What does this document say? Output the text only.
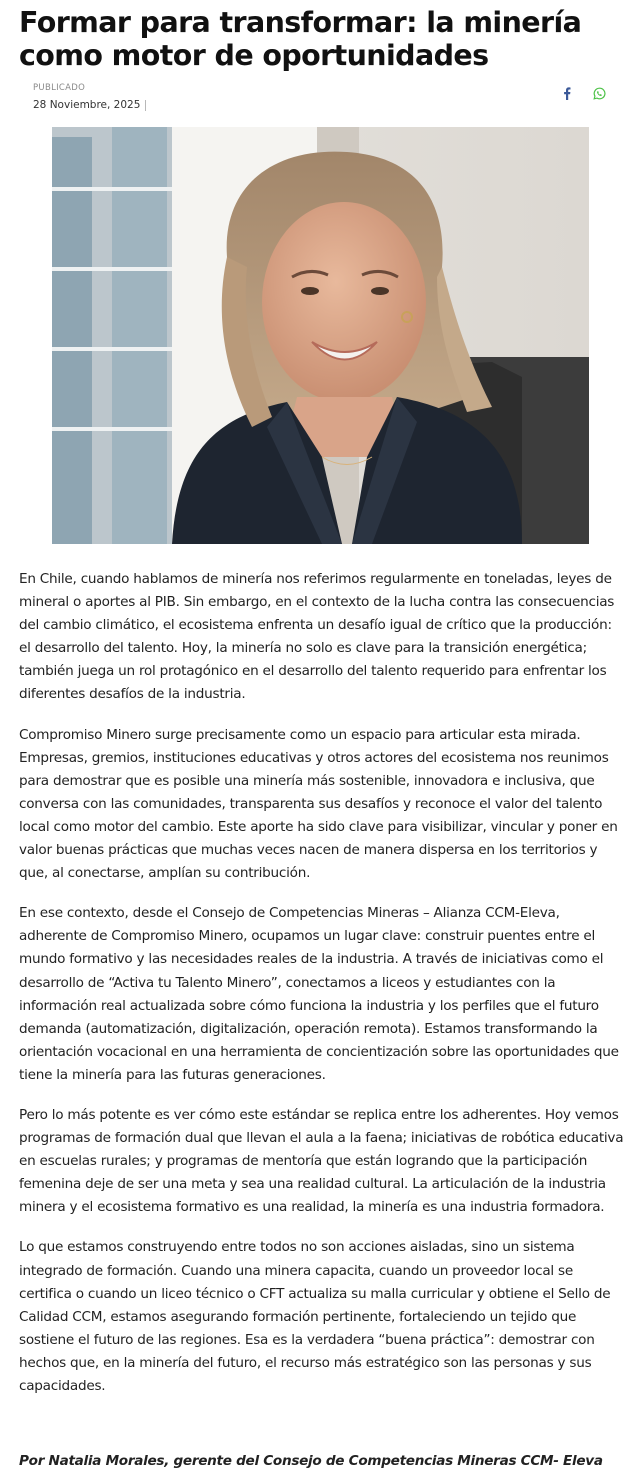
Formar para transformar: la minería como motor de oportunidades
PUBLICADO
28 Noviembre, 2025

En Chile, cuando hablamos de minería nos referimos regularmente en toneladas, leyes de mineral o aportes al PIB. Sin embargo, en el contexto de la lucha contra las consecuencias del cambio climático, el ecosistema enfrenta un desafío igual de crítico que la producción: el desarrollo del talento. Hoy, la minería no solo es clave para la transición energética; también juega un rol protagónico en el desarrollo del talento requerido para enfrentar los diferentes desafíos de la industria.

Compromiso Minero surge precisamente como un espacio para articular esta mirada. Empresas, gremios, instituciones educativas y otros actores del ecosistema nos reunimos para demostrar que es posible una minería más sostenible, innovadora e inclusiva, que conversa con las comunidades, transparenta sus desafíos y reconoce el valor del talento local como motor del cambio. Este aporte ha sido clave para visibilizar, vincular y poner en valor buenas prácticas que muchas veces nacen de manera dispersa en los territorios y que, al conectarse, amplían su contribución.

En ese contexto, desde el Consejo de Competencias Mineras – Alianza CCM-Eleva, adherente de Compromiso Minero, ocupamos un lugar clave: construir puentes entre el mundo formativo y las necesidades reales de la industria. A través de iniciativas como el desarrollo de “Activa tu Talento Minero”, conectamos a liceos y estudiantes con la información real actualizada sobre cómo funciona la industria y los perfiles que el futuro demanda (automatización, digitalización, operación remota). Estamos transformando la orientación vocacional en una herramienta de concientización sobre las oportunidades que tiene la minería para las futuras generaciones.

Pero lo más potente es ver cómo este estándar se replica entre los adherentes. Hoy vemos programas de formación dual que llevan el aula a la faena; iniciativas de robótica educativa en escuelas rurales; y programas de mentoría que están logrando que la participación femenina deje de ser una meta y sea una realidad cultural. La articulación de la industria minera y el ecosistema formativo es una realidad, la minería es una industria formadora.

Lo que estamos construyendo entre todos no son acciones aisladas, sino un sistema integrado de formación. Cuando una minera capacita, cuando un proveedor local se certifica o cuando un liceo técnico o CFT actualiza su malla curricular y obtiene el Sello de Calidad CCM, estamos asegurando formación pertinente, fortaleciendo un tejido que sostiene el futuro de las regiones. Esa es la verdadera “buena práctica”: demostrar con hechos que, en la minería del futuro, el recurso más estratégico son las personas y sus capacidades.

Por Natalia Morales, gerente del Consejo de Competencias Mineras CCM- Eleva
